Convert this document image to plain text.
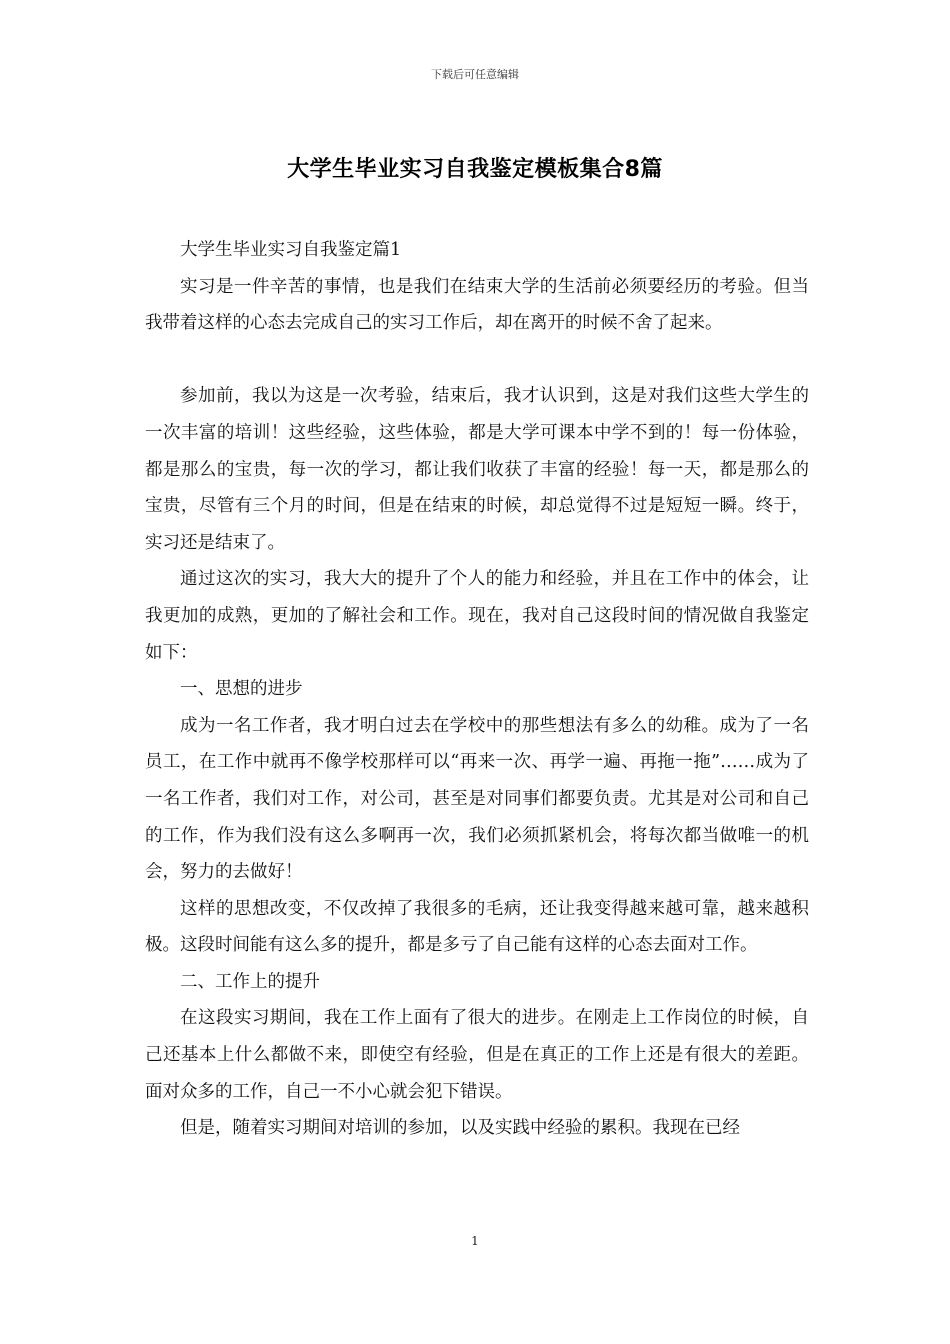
下载后可任意编辑
大学生毕业实习自我鉴定模板集合8篇

大学生毕业实习自我鉴定篇1

实习是一件辛苦的事情，也是我们在结束大学的生活前必须要经历的考验。但当我带着这样的心态去完成自己的实习工作后，却在离开的时候不舍了起来。

参加前，我以为这是一次考验，结束后，我才认识到，这是对我们这些大学生的一次丰富的培训！这些经验，这些体验，都是大学可课本中学不到的！每一份体验，都是那么的宝贵，每一次的学习，都让我们收获了丰富的经验！每一天，都是那么的宝贵，尽管有三个月的时间，但是在结束的时候，却总觉得不过是短短一瞬。终于，实习还是结束了。

通过这次的实习，我大大的提升了个人的能力和经验，并且在工作中的体会，让我更加的成熟，更加的了解社会和工作。现在，我对自己这段时间的情况做自我鉴定如下：

一、思想的进步

成为一名工作者，我才明白过去在学校中的那些想法有多么的幼稚。成为了一名员工，在工作中就再不像学校那样可以“再来一次、再学一遍、再拖一拖”……成为了一名工作者，我们对工作，对公司，甚至是对同事们都要负责。尤其是对公司和自己的工作，作为我们没有这么多啊再一次，我们必须抓紧机会，将每次都当做唯一的机会，努力的去做好！

这样的思想改变，不仅改掉了我很多的毛病，还让我变得越来越可靠，越来越积极。这段时间能有这么多的提升，都是多亏了自己能有这样的心态去面对工作。

二、工作上的提升

在这段实习期间，我在工作上面有了很大的进步。在刚走上工作岗位的时候，自己还基本上什么都做不来，即使空有经验，但是在真正的工作上还是有很大的差距。面对众多的工作，自己一不小心就会犯下错误。

但是，随着实习期间对培训的参加，以及实践中经验的累积。我现在已经

1
